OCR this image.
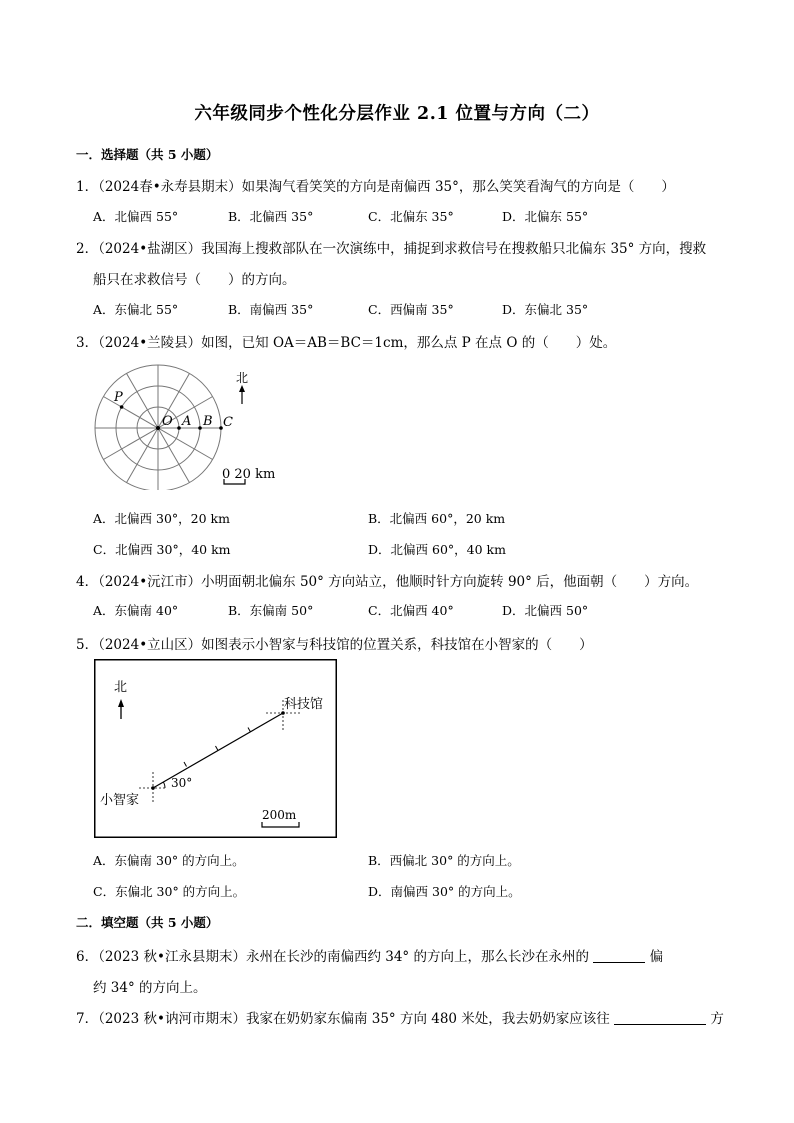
六年级同步个性化分层作业 2.1 位置与方向（二）
一．选择题（共 5 小题）
1．（2024春•永寿县期末）如果淘气看笑笑的方向是南偏西 35°，那么笑笑看淘气的方向是（　　）
A．北偏西 55°	B．北偏西 35°	C．北偏东 35°	D．北偏东 55°
2．（2024•盐湖区）我国海上搜救部队在一次演练中，捕捉到求救信号在搜救船只北偏东 35° 方向，搜救
船只在求救信号（　　）的方向。
A．东偏北 55°	B．南偏西 35°	C．西偏南 35°	D．东偏北 35°
3．（2024•兰陵县）如图，已知 OA＝AB＝BC＝1cm，那么点 P 在点 O 的（　　）处。
P
O A B C
北
0 20 km
A．北偏西 30°，20 km	B．北偏西 60°，20 km
C．北偏西 30°，40 km	D．北偏西 60°，40 km
4．（2024•沅江市）小明面朝北偏东 50° 方向站立，他顺时针方向旋转 90° 后，他面朝（　　）方向。
A．东偏南 40°	B．东偏南 50°	C．北偏西 40°	D．北偏西 50°
5．（2024•立山区）如图表示小智家与科技馆的位置关系，科技馆在小智家的（　　）
北
30°
科技馆
小智家
200m
A．东偏南 30° 的方向上。	B．西偏北 30° 的方向上。
C．东偏北 30° 的方向上。	D．南偏西 30° 的方向上。
二．填空题（共 5 小题）
6．（2023 秋•江永县期末）永州在长沙的南偏西约 34° 的方向上，那么长沙在永州的	偏
约 34° 的方向上。
7．（2023 秋•讷河市期末）我家在奶奶家东偏南 35° 方向 480 米处，我去奶奶家应该往	方
